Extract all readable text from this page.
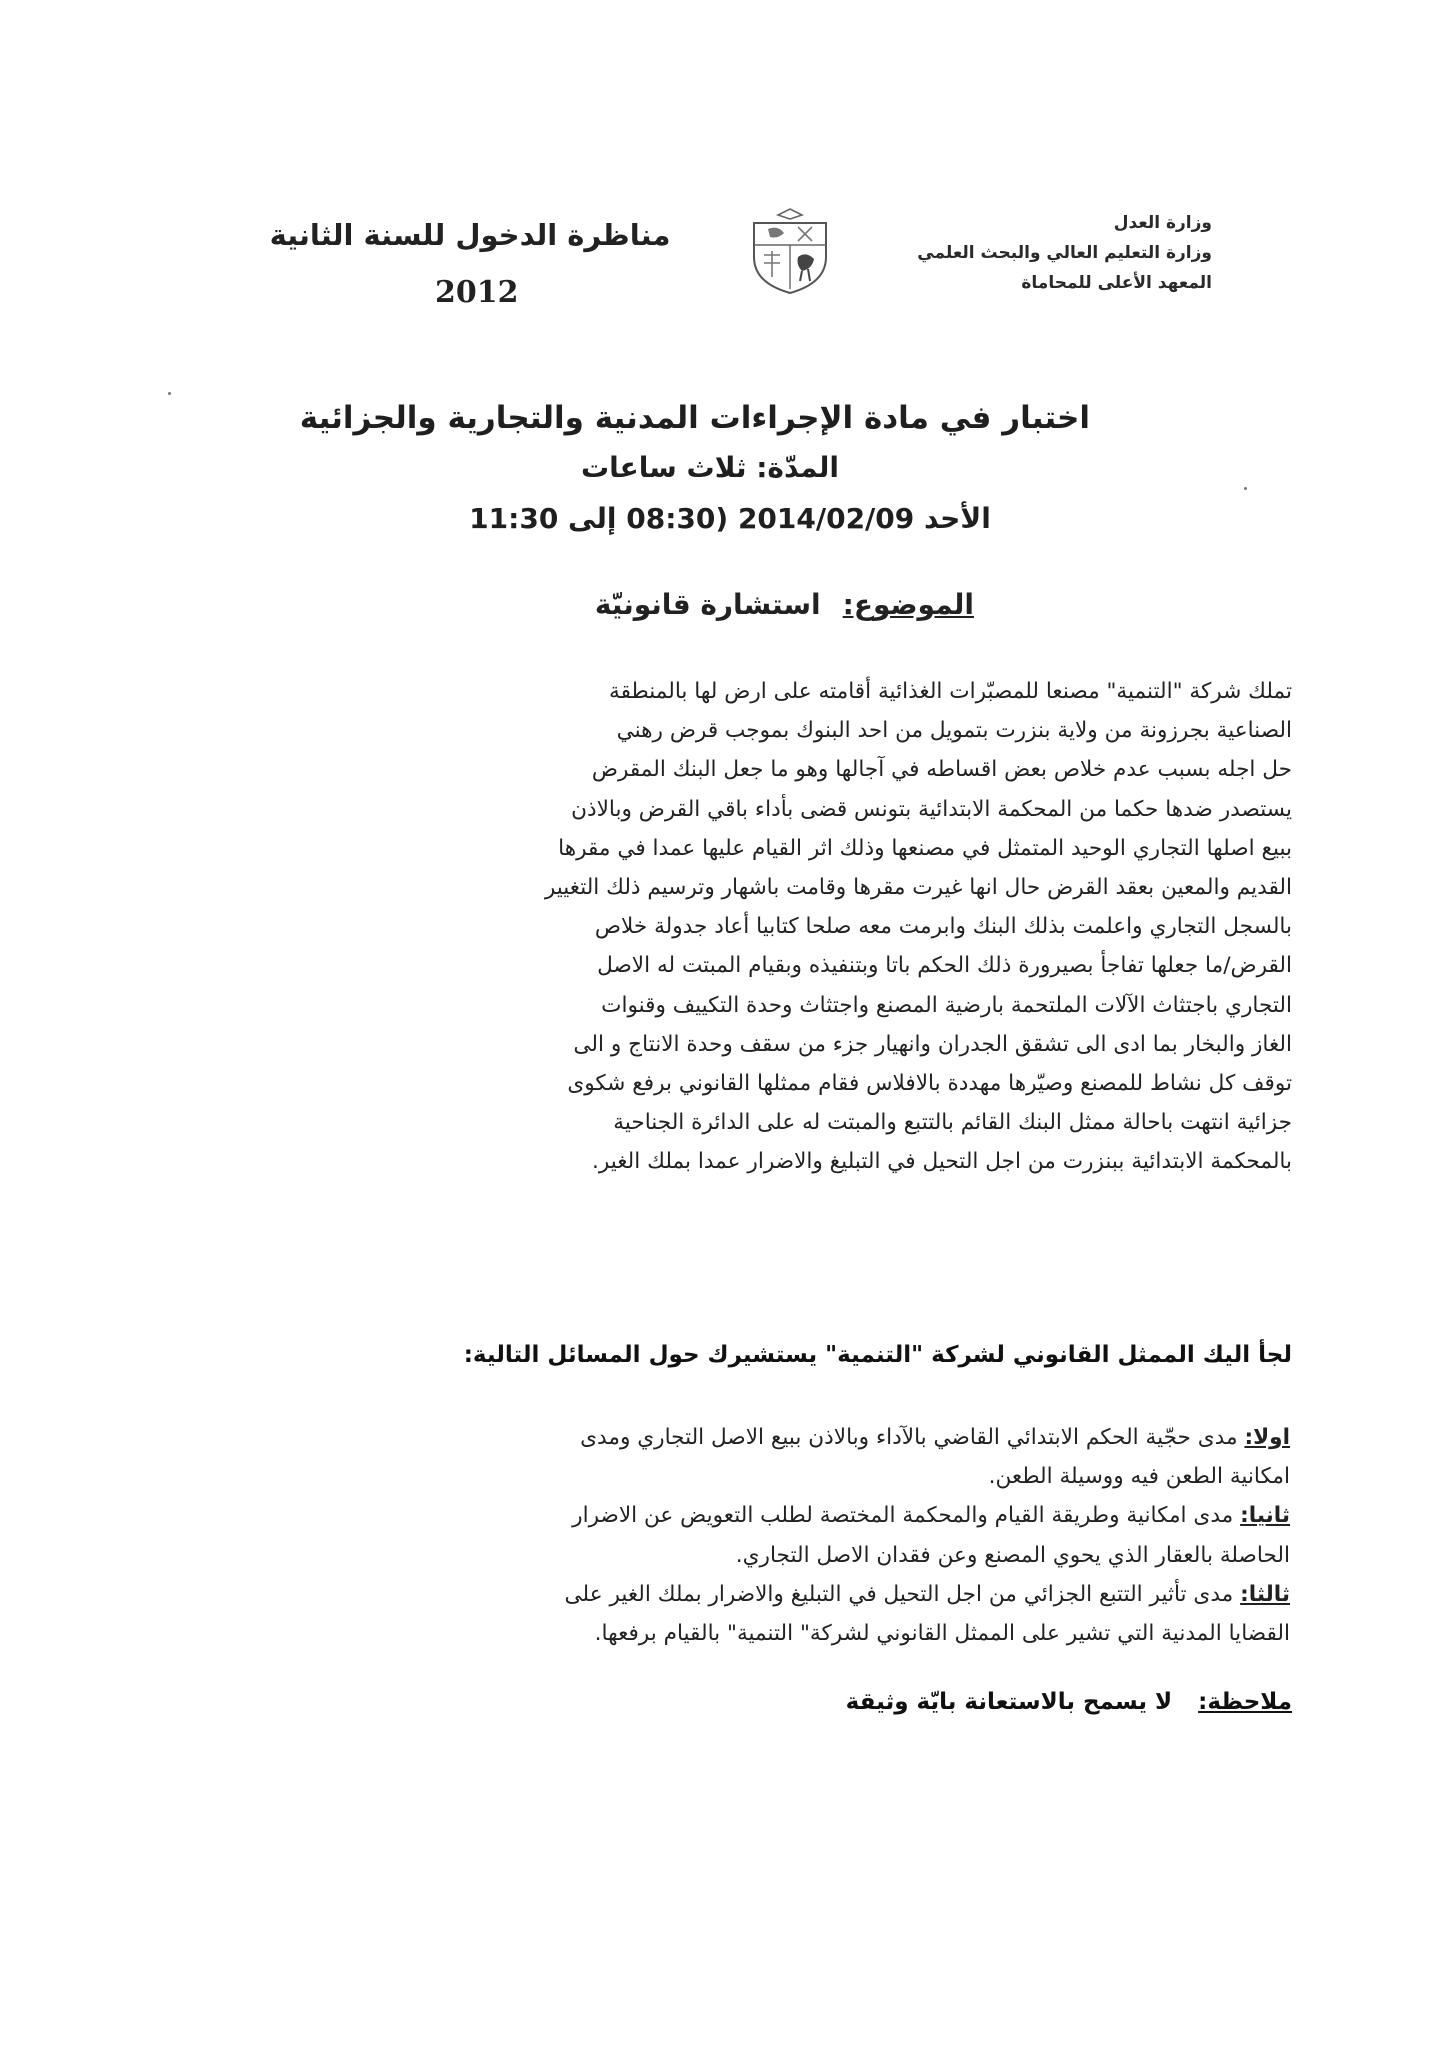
وزارة العدل
وزارة التعليم العالي والبحث العلمي
المعهد الأعلى للمحاماة
مناظرة الدخول للسنة الثانية
2012
اختبار في مادة الإجراءات المدنية والتجارية والجزائية
المدّة: ثلاث ساعات
الأحد 2014/02/09 (08:30 إلى 11:30
الموضوع:استشارة قانونيّة
تملك شركة "التنمية" مصنعا للمصبّرات الغذائية أقامته على ارض لها بالمنطقة
الصناعية بجرزونة من ولاية بنزرت بتمويل من احد البنوك بموجب قرض رهني
حل اجله بسبب عدم خلاص بعض اقساطه في آجالها وهو ما جعل البنك المقرض
يستصدر ضدها حكما من المحكمة الابتدائية بتونس قضى بأداء باقي القرض وبالاذن
ببيع اصلها التجاري الوحيد المتمثل في مصنعها وذلك اثر القيام عليها عمدا في مقرها
القديم والمعين بعقد القرض حال انها غيرت مقرها وقامت باشهار وترسيم ذلك التغيير
بالسجل التجاري واعلمت بذلك البنك وابرمت معه صلحا كتابيا أعاد جدولة خلاص
القرض/ما جعلها تفاجأ بصيرورة ذلك الحكم باتا وبتنفيذه وبقيام المبتت له الاصل
التجاري باجتثاث الآلات الملتحمة بارضية المصنع واجتثاث وحدة التكييف وقنوات
الغاز والبخار بما ادى الى تشقق الجدران وانهيار جزء من سقف وحدة الانتاج و الى
توقف كل نشاط للمصنع وصيّرها مهددة بالافلاس فقام ممثلها القانوني برفع شكوى
جزائية انتهت باحالة ممثل البنك القائم بالتتبع والمبتت له على الدائرة الجناحية
بالمحكمة الابتدائية ببنزرت من اجل التحيل في التبليغ والاضرار عمدا بملك الغير.
لجأ اليك الممثل القانوني لشركة "التنمية" يستشيرك حول المسائل التالية:
اولا: مدى حجّية الحكم الابتدائي القاضي بالآداء وبالاذن ببيع الاصل التجاري ومدى
امكانية الطعن فيه ووسيلة الطعن.
ثانيا: مدى امكانية وطريقة القيام والمحكمة المختصة لطلب التعويض عن الاضرار
الحاصلة بالعقار الذي يحوي المصنع وعن فقدان الاصل التجاري.
ثالثا: مدى تأثير التتبع الجزائي من اجل التحيل في التبليغ والاضرار بملك الغير على
القضايا المدنية التي تشير على الممثل القانوني لشركة" التنمية" بالقيام برفعها.
ملاحظة:لا يسمح بالاستعانة بايّة وثيقة
